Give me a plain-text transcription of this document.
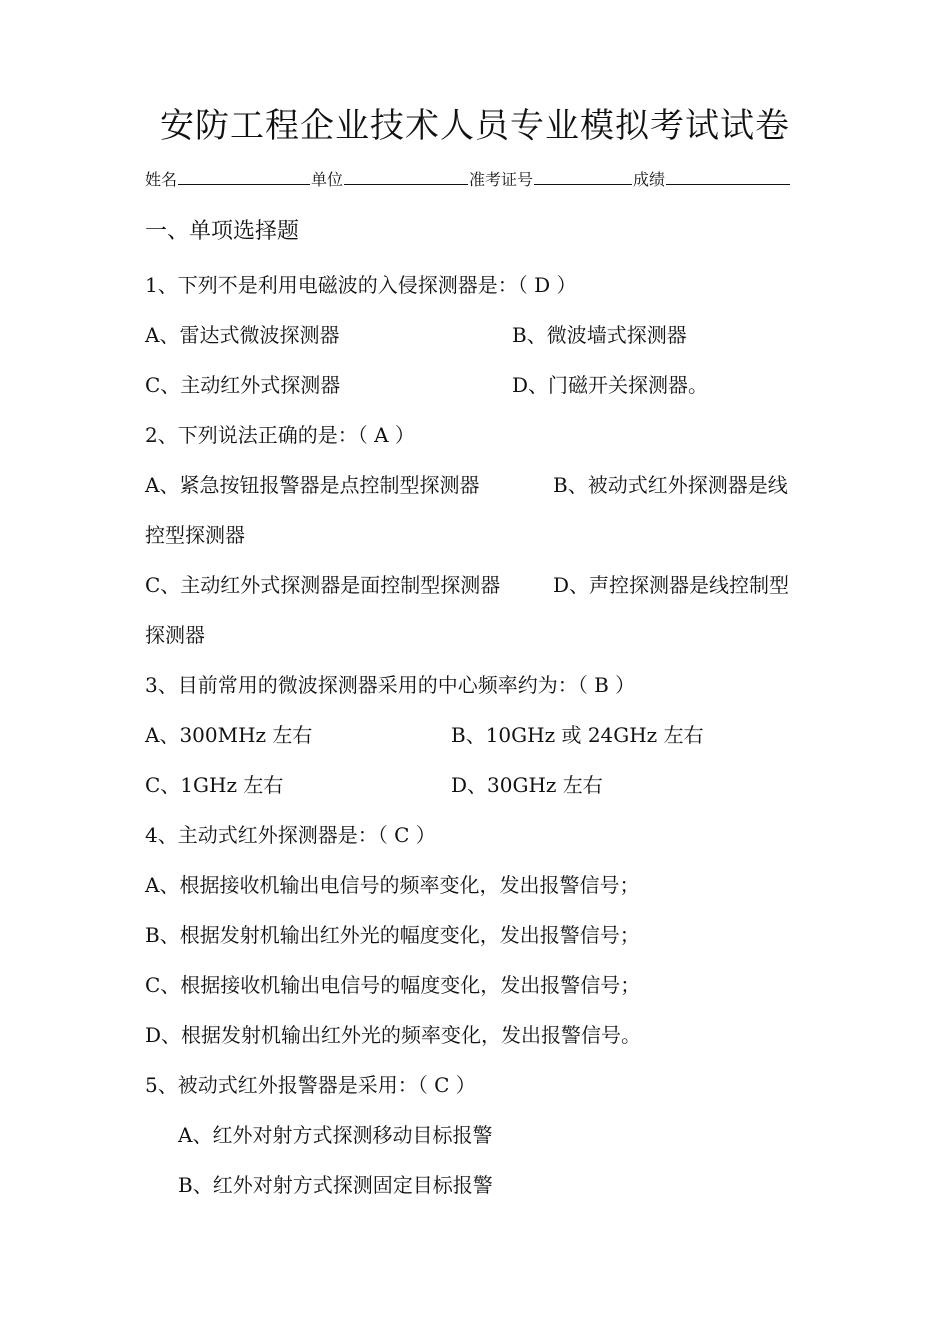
安防工程企业技术人员专业模拟考试试卷
姓名	单位	准考证号	成绩
一、单项选择题
1、下列不是利用电磁波的入侵探测器是：（ D ）
A、雷达式微波探测器	B、微波墙式探测器
C、主动红外式探测器	D、门磁开关探测器。
2、下列说法正确的是：（ A ）
A、紧急按钮报警器是点控制型探测器	B、被动式红外探测器是线
控型探测器
C、主动红外式探测器是面控制型探测器	D、声控探测器是线控制型
探测器
3、目前常用的微波探测器采用的中心频率约为：（ B ）
A、300MHz 左右	B、10GHz 或 24GHz 左右
C、1GHz 左右	D、30GHz 左右
4、主动式红外探测器是：（ C ）
A、根据接收机输出电信号的频率变化，发出报警信号；
B、根据发射机输出红外光的幅度变化，发出报警信号；
C、根据接收机输出电信号的幅度变化，发出报警信号；
D、根据发射机输出红外光的频率变化，发出报警信号。
5、被动式红外报警器是采用：（ C ）
A、红外对射方式探测移动目标报警
B、红外对射方式探测固定目标报警
